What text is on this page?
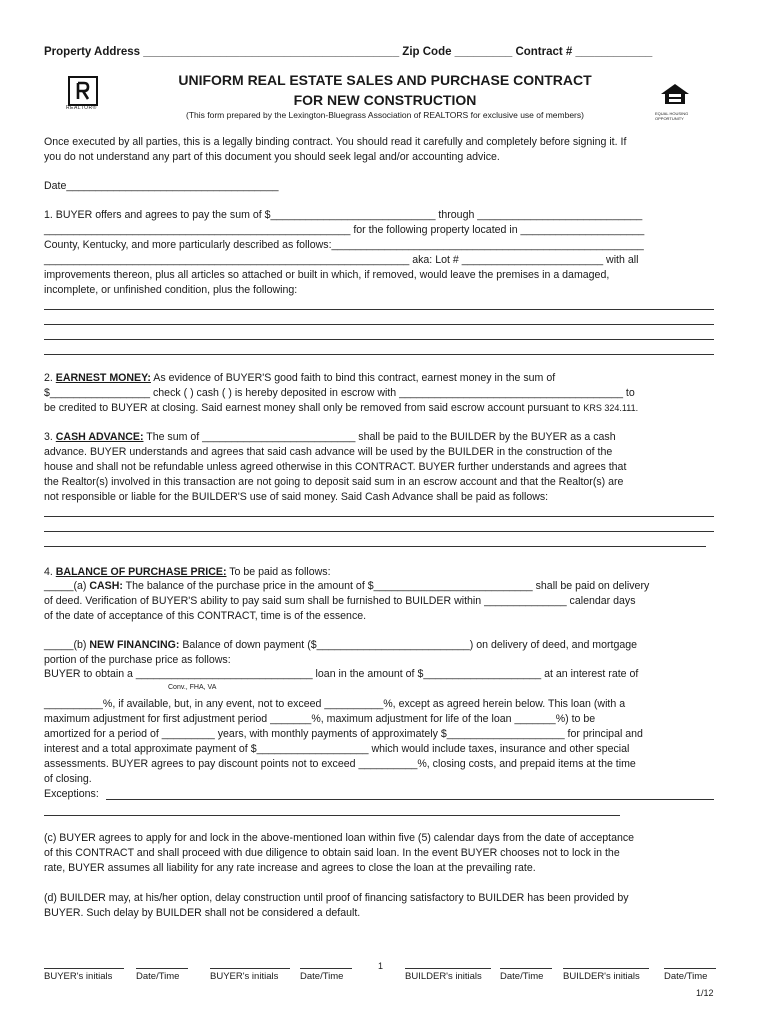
Property Address ________________________________________ Zip Code _________ Contract # ____________
REALTOR®
EQUAL HOUSING OPPORTUNITY
UNIFORM REAL ESTATE SALES AND PURCHASE CONTRACT
FOR NEW CONSTRUCTION
(This form prepared by the Lexington-Bluegrass Association of REALTORS for exclusive use of members)
Once executed by all parties, this is a legally binding contract. You should read it carefully and completely before signing it. If
you do not understand any part of this document you should seek legal and/or accounting advice.
Date____________________________________
1. BUYER offers and agrees to pay the sum of $____________________________ through ____________________________
____________________________________________________ for the following property located in _____________________
County, Kentucky, and more particularly described as follows:_____________________________________________________
______________________________________________________________ aka: Lot # ________________________ with all
improvements thereon, plus all articles so attached or built in which, if removed, would leave the premises in a damaged,
incomplete, or unfinished condition, plus the following:
2. EARNEST MONEY: As evidence of BUYER'S good faith to bind this contract, earnest money in the sum of
$_________________ check ( ) cash ( ) is hereby deposited in escrow with ______________________________________ to
be credited to BUYER at closing. Said earnest money shall only be removed from said escrow account pursuant to KRS 324.111.
3. CASH ADVANCE: The sum of __________________________ shall be paid to the BUILDER by the BUYER as a cash
advance. BUYER understands and agrees that said cash advance will be used by the BUILDER in the construction of the
house and shall not be refundable unless agreed otherwise in this CONTRACT. BUYER further understands and agrees that
the Realtor(s) involved in this transaction are not going to deposit said sum in an escrow account and that the Realtor(s) are
not responsible or liable for the BUILDER'S use of said money. Said Cash Advance shall be paid as follows:
4. BALANCE OF PURCHASE PRICE: To be paid as follows:
_____(a) CASH: The balance of the purchase price in the amount of $___________________________ shall be paid on delivery
of deed. Verification of BUYER'S ability to pay said sum shall be furnished to BUILDER within ______________ calendar days
of the date of acceptance of this CONTRACT, time is of the essence.
_____(b) NEW FINANCING: Balance of down payment ($__________________________) on delivery of deed, and mortgage
portion of the purchase price as follows:
BUYER to obtain a ______________________________ loan in the amount of $____________________ at an interest rate of
Conv., FHA, VA
__________%, if available, but, in any event, not to exceed __________%, except as agreed herein below. This loan (with a
maximum adjustment for first adjustment period _______%, maximum adjustment for life of the loan _______%) to be
amortized for a period of _________ years, with monthly payments of approximately $____________________ for principal and
interest and a total approximate payment of $___________________ which would include taxes, insurance and other special
assessments. BUYER agrees to pay discount points not to exceed __________%, closing costs, and prepaid items at the time
of closing.
Exceptions:
(c) BUYER agrees to apply for and lock in the above-mentioned loan within five (5) calendar days from the date of acceptance
of this CONTRACT and shall proceed with due diligence to obtain said loan. In the event BUYER chooses not to lock in the
rate, BUYER assumes all liability for any rate increase and agrees to close the loan at the prevailing rate.
(d) BUILDER may, at his/her option, delay construction until proof of financing satisfactory to BUILDER has been provided by
BUYER. Such delay by BUILDER shall not be considered a default.
1
BUYER's initials	Date/Time	BUYER's initials	Date/Time	BUILDER's initials	Date/Time	BUILDER's initials	Date/Time
1/12
